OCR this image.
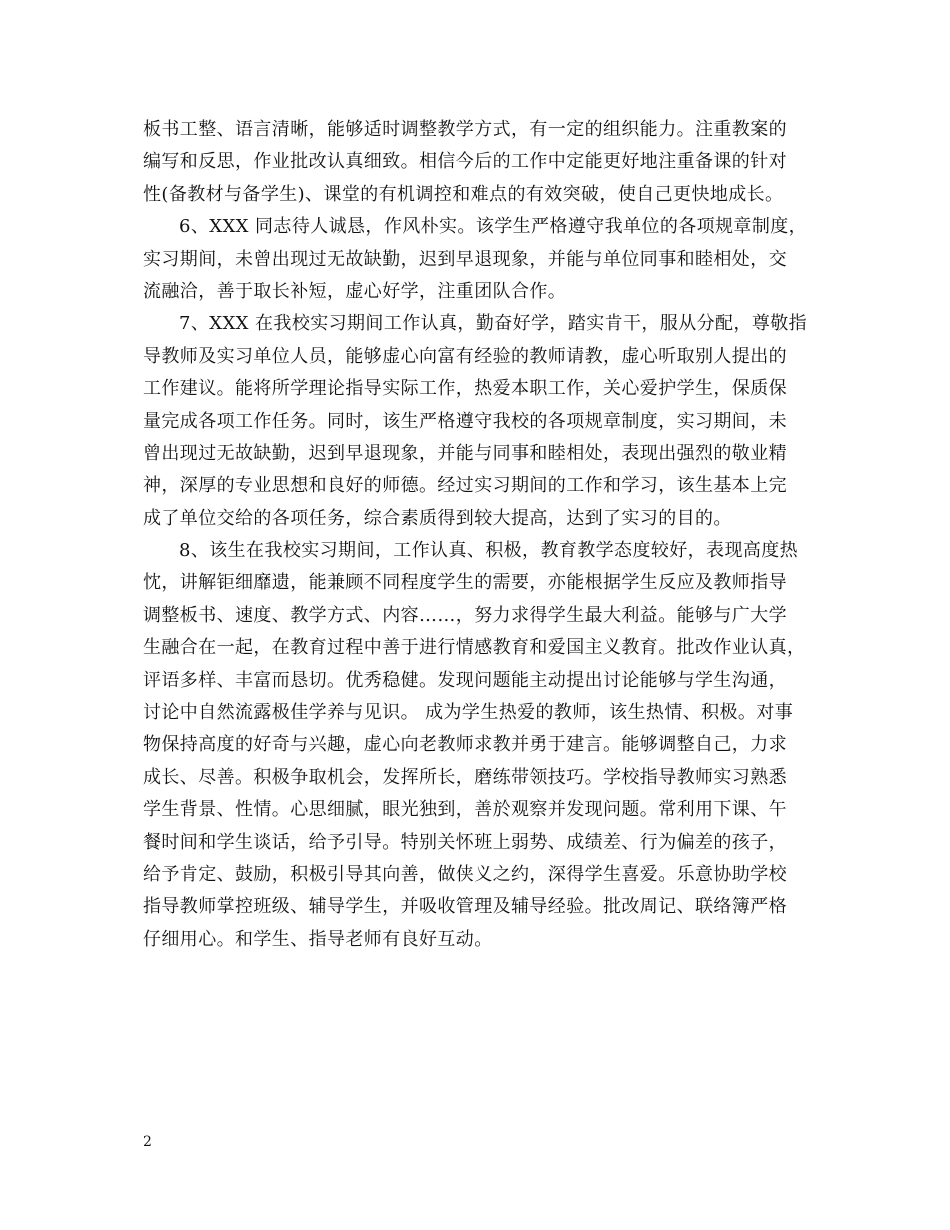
板书工整、语言清晰，能够适时调整教学方式，有一定的组织能力。注重教案的
编写和反思，作业批改认真细致。相信今后的工作中定能更好地注重备课的针对
性(备教材与备学生)、课堂的有机调控和难点的有效突破，使自己更快地成长。
6、XXX 同志待人诚恳，作风朴实。该学生严格遵守我单位的各项规章制度，
实习期间，未曾出现过无故缺勤，迟到早退现象，并能与单位同事和睦相处，交
流融洽，善于取长补短，虚心好学，注重团队合作。
7、XXX 在我校实习期间工作认真，勤奋好学，踏实肯干，服从分配，尊敬指
导教师及实习单位人员，能够虚心向富有经验的教师请教，虚心听取别人提出的
工作建议。能将所学理论指导实际工作，热爱本职工作，关心爱护学生，保质保
量完成各项工作任务。同时，该生严格遵守我校的各项规章制度，实习期间，未
曾出现过无故缺勤，迟到早退现象，并能与同事和睦相处，表现出强烈的敬业精
神，深厚的专业思想和良好的师德。经过实习期间的工作和学习，该生基本上完
成了单位交给的各项任务，综合素质得到较大提高，达到了实习的目的。
8、该生在我校实习期间，工作认真、积极，教育教学态度较好，表现高度热
忱，讲解钜细靡遗，能兼顾不同程度学生的需要，亦能根据学生反应及教师指导
调整板书、速度、教学方式、内容……，努力求得学生最大利益。能够与广大学
生融合在一起，在教育过程中善于进行情感教育和爱国主义教育。批改作业认真，
评语多样、丰富而恳切。优秀稳健。发现问题能主动提出讨论能够与学生沟通，
讨论中自然流露极佳学养与见识。 成为学生热爱的教师，该生热情、积极。对事
物保持高度的好奇与兴趣，虚心向老教师求教并勇于建言。能够调整自己，力求
成长、尽善。积极争取机会，发挥所长，磨练带领技巧。学校指导教师实习熟悉
学生背景、性情。心思细腻，眼光独到，善於观察并发现问题。常利用下课、午
餐时间和学生谈话，给予引导。特别关怀班上弱势、成绩差、行为偏差的孩子，
给予肯定、鼓励，积极引导其向善，做侠义之约，深得学生喜爱。乐意协助学校
指导教师掌控班级、辅导学生，并吸收管理及辅导经验。批改周记、联络簿严格
仔细用心。和学生、指导老师有良好互动。
2
